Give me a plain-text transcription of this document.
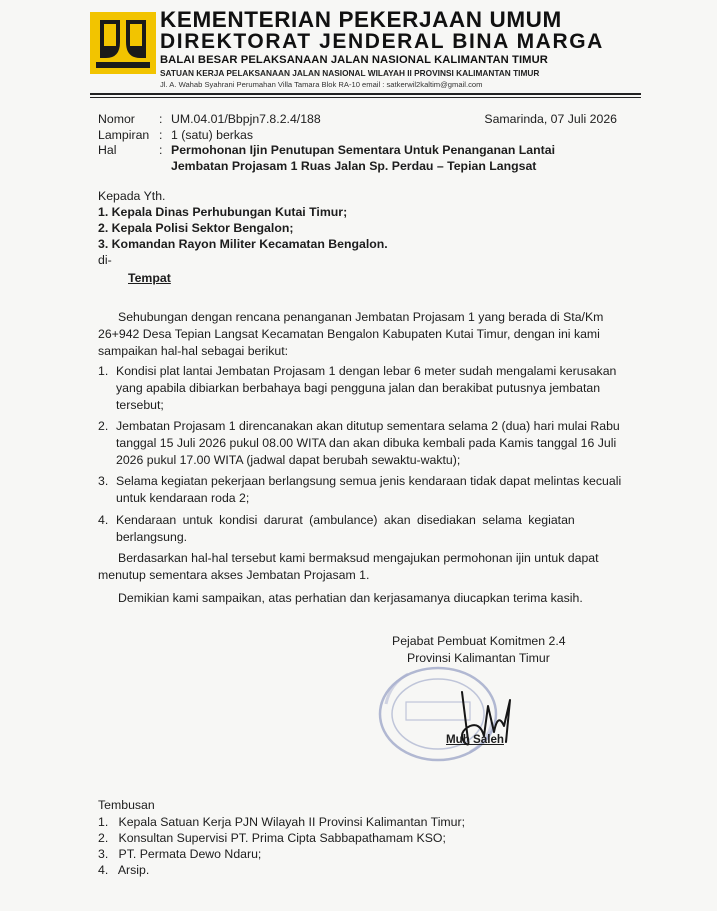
KEMENTERIAN PEKERJAAN UMUM
DIREKTORAT JENDERAL BINA MARGA
BALAI BESAR PELAKSANAAN JALAN NASIONAL KALIMANTAN TIMUR
SATUAN KERJA PELAKSANAAN JALAN NASIONAL WILAYAH II PROVINSI KALIMANTAN TIMUR
Jl. A. Wahab Syahrani Perumahan Villa Tamara Blok RA-10 email : satkerwil2kaltim@gmail.com
Nomor : UM.04.01/Bbpjn7.8.2.4/188	Samarinda, 07 Juli 2026
Lampiran : 1 (satu) berkas
Hal	: Permohonan Ijin Penutupan Sementara Untuk Penanganan Lantai
Jembatan Projasam 1 Ruas Jalan Sp. Perdau – Tepian Langsat
Kepada Yth.
1. Kepala Dinas Perhubungan Kutai Timur;
2. Kepala Polisi Sektor Bengalon;
3. Komandan Rayon Militer Kecamatan Bengalon.
di-
Tempat
Sehubungan dengan rencana penanganan Jembatan Projasam 1 yang berada di Sta/Km
26+942 Desa Tepian Langsat Kecamatan Bengalon Kabupaten Kutai Timur, dengan ini kami
sampaikan hal-hal sebagai berikut:
1. Kondisi plat lantai Jembatan Projasam 1 dengan lebar 6 meter sudah mengalami kerusakan
yang apabila dibiarkan berbahaya bagi pengguna jalan dan berakibat putusnya jembatan
tersebut;
2. Jembatan Projasam 1 direncanakan akan ditutup sementara selama 2 (dua) hari mulai Rabu
tanggal 15 Juli 2026 pukul 08.00 WITA dan akan dibuka kembali pada Kamis tanggal 16 Juli
2026 pukul 17.00 WITA (jadwal dapat berubah sewaktu-waktu);
3. Selama kegiatan pekerjaan berlangsung semua jenis kendaraan tidak dapat melintas kecuali
untuk kendaraan roda 2;
4. Kendaraan untuk kondisi darurat (ambulance) akan disediakan selama kegiatan
berlangsung.
Berdasarkan hal-hal tersebut kami bermaksud mengajukan permohonan ijin untuk dapat
menutup sementara akses Jembatan Projasam 1.
Demikian kami sampaikan, atas perhatian dan kerjasamanya diucapkan terima kasih.
Pejabat Pembuat Komitmen 2.4
Provinsi Kalimantan Timur
Muh Saleh
Tembusan
1.   Kepala Satuan Kerja PJN Wilayah II Provinsi Kalimantan Timur;
2.   Konsultan Supervisi PT. Prima Cipta Sabbapathamam KSO;
3.   PT. Permata Dewo Ndaru;
4.   Arsip.
